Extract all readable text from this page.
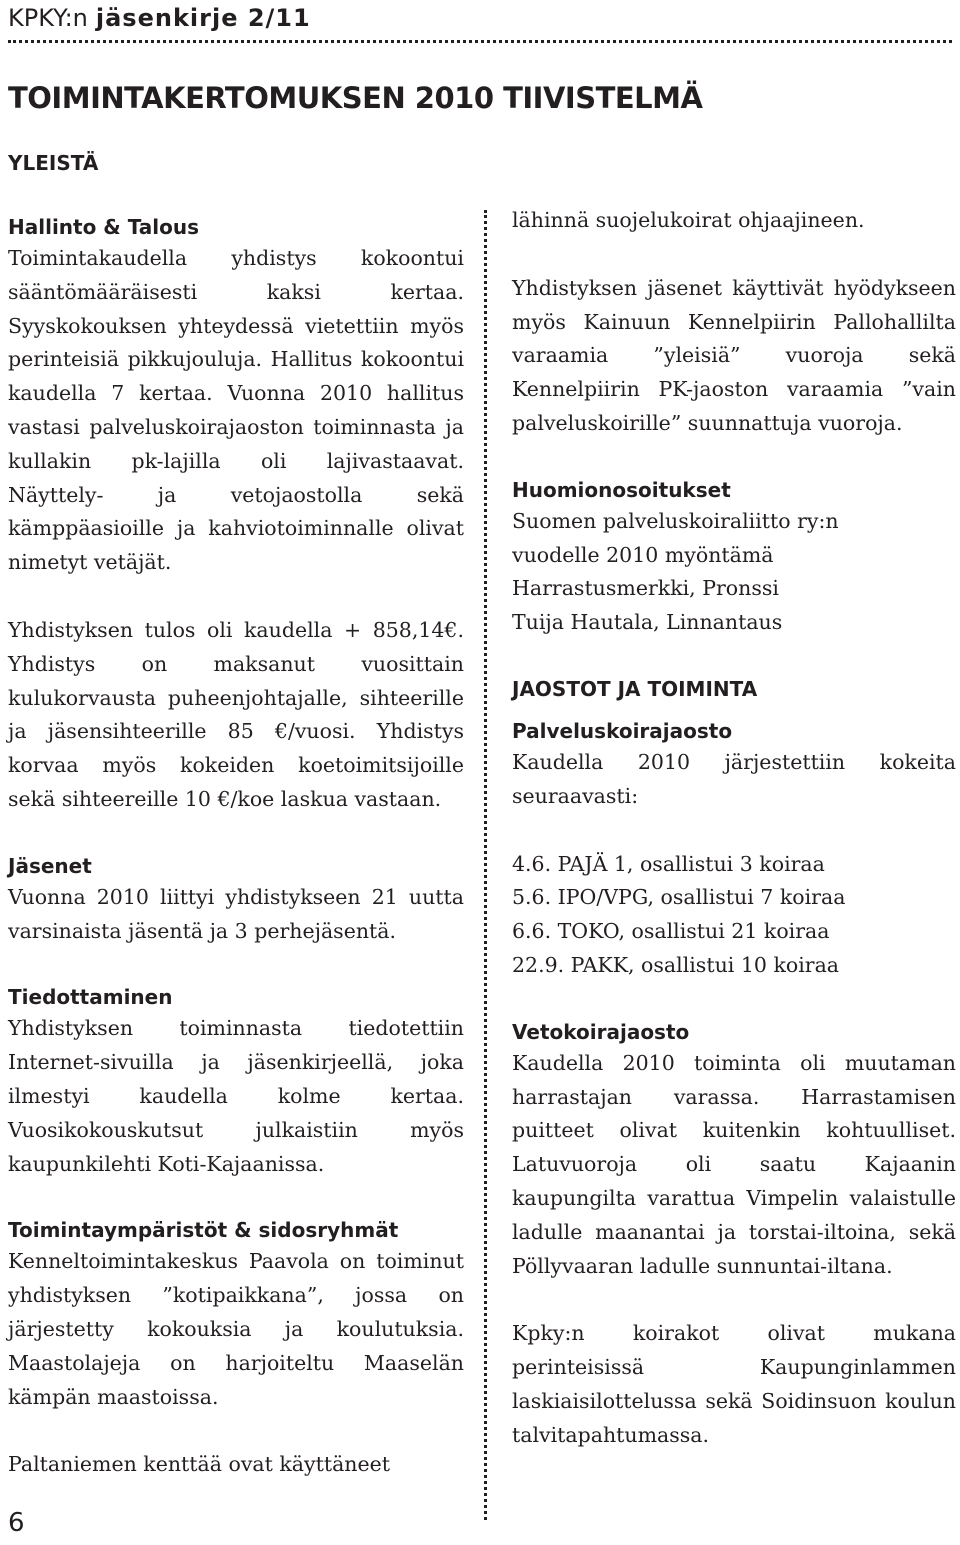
KPKY:n jäsenkirje 2/11
TOIMINTAKERTOMUKSEN 2010 TIIVISTELMÄ
YLEISTÄ
Hallinto & Talous

Toimintakaudella yhdistys kokoontui sääntömääräisesti kaksi kertaa. Syyskokouksen yhteydessä vietettiin myös perinteisiä pikkujouluja. Hallitus kokoontui kaudella 7 kertaa. Vuonna 2010 hallitus vastasi palveluskoirajaoston toiminnasta ja kullakin pk-lajilla oli lajivastaavat. Näyttely- ja vetojaostolla sekä kämppäasioille ja kahviotoiminnalle olivat nimetyt vetäjät.

Yhdistyksen tulos oli kaudella + 858,14€. Yhdistys on maksanut vuosittain kulukorvausta puheenjohtajalle, sihteerille ja jäsensihteerille 85 €/vuosi. Yhdistys korvaa myös kokeiden koetoimitsijoille sekä sihteereille 10 €/koe laskua vastaan.

Jäsenet

Vuonna 2010 liittyi yhdistykseen 21 uutta varsinaista jäsentä ja 3 perhejäsentä.

Tiedottaminen

Yhdistyksen toiminnasta tiedotettiin Internet-sivuilla ja jäsenkirjeellä, joka ilmestyi kaudella kolme kertaa. Vuosikokouskutsut julkaistiin myös kaupunkilehti Koti-Kajaanissa.

Toimintaympäristöt & sidosryhmät

Kenneltoimintakeskus Paavola on toiminut yhdistyksen ”kotipaikkana”, jossa on järjestetty kokouksia ja koulutuksia. Maastolajeja on harjoiteltu Maaselän kämpän maastoissa.

Paltaniemen kenttää ovat käyttäneet

lähinnä suojelukoirat ohjaajineen.

Yhdistyksen jäsenet käyttivät hyödykseen myös Kainuun Kennelpiirin Pallohallilta varaamia ”yleisiä” vuoroja sekä Kennelpiirin PK-jaoston varaamia ”vain palveluskoirille” suunnattuja vuoroja.

Huomionosoitukset

Suomen palveluskoiraliitto ry:n

vuodelle 2010 myöntämä

Harrastusmerkki, Pronssi

Tuija Hautala, Linnantaus

JAOSTOT JA TOIMINTA
Palveluskoirajaosto

Kaudella 2010 järjestettiin kokeita seuraavasti:

4.6. PAJÄ 1, osallistui 3 koiraa

5.6. IPO/VPG, osallistui 7 koiraa

6.6. TOKO, osallistui 21 koiraa

22.9. PAKK, osallistui 10 koiraa

Vetokoirajaosto

Kaudella 2010 toiminta oli muutaman harrastajan varassa. Harrastamisen puitteet olivat kuitenkin kohtuulliset. Latuvuoroja oli saatu Kajaanin kaupungilta varattua Vimpelin valaistulle ladulle maanantai ja torstai-iltoina, sekä Pöllyvaaran ladulle sunnuntai-iltana.

Kpky:n koirakot olivat mukana perinteisissä Kaupunginlammen laskiaisilottelussa sekä Soidinsuon koulun talvitapahtumassa.

6
